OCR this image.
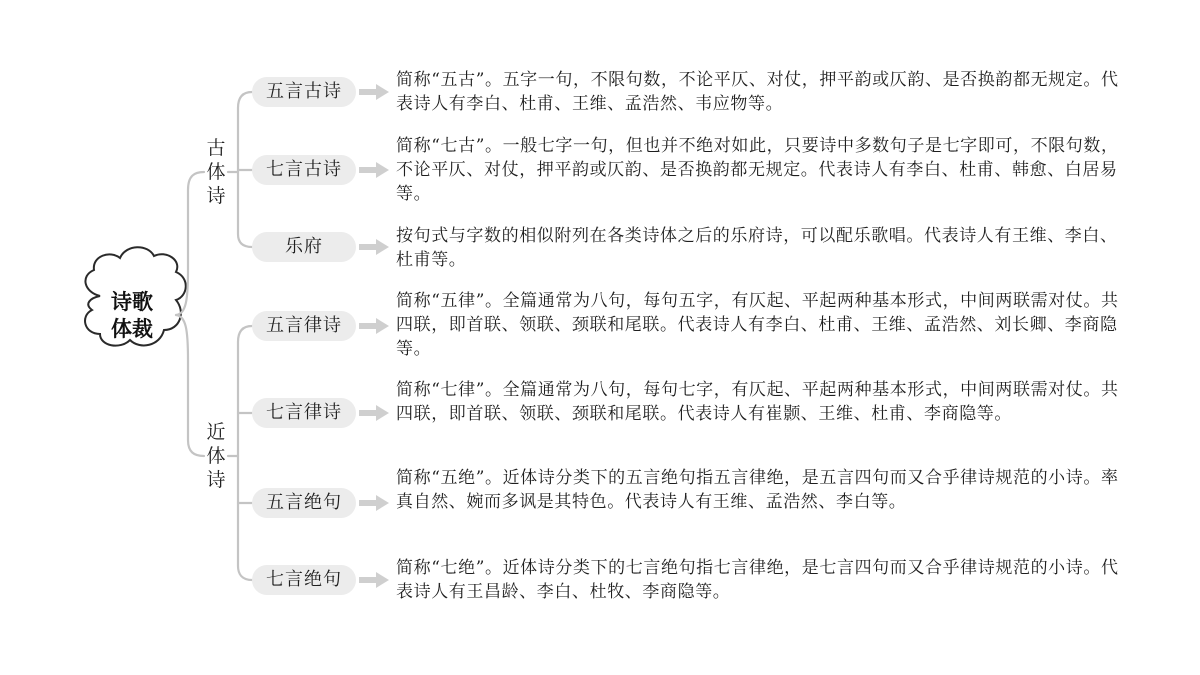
诗歌
体裁
古
体
诗
近
体
诗
五言古诗
简称“五古”。五字一句，不限句数，不论平仄、对仗，押平韵或仄韵、是否换韵都无规定。代表诗人有李白、杜甫、王维、孟浩然、韦应物等。
七言古诗
简称“七古”。一般七字一句，但也并不绝对如此，只要诗中多数句子是七字即可，不限句数，不论平仄、对仗，押平韵或仄韵、是否换韵都无规定。代表诗人有李白、杜甫、韩愈、白居易等。
乐府	按句式与字数的相似附列在各类诗体之后的乐府诗，可以配乐歌唱。代表诗人有王维、李白、杜甫等。
五言律诗
简称“五律”。全篇通常为八句，每句五字，有仄起、平起两种基本形式，中间两联需对仗。共四联，即首联、领联、颈联和尾联。代表诗人有李白、杜甫、王维、孟浩然、刘长卿、李商隐等。
七言律诗
简称“七律”。全篇通常为八句，每句七字，有仄起、平起两种基本形式，中间两联需对仗。共四联，即首联、领联、颈联和尾联。代表诗人有崔颢、王维、杜甫、李商隐等。
五言绝句
简称“五绝”。近体诗分类下的五言绝句指五言律绝，是五言四句而又合乎律诗规范的小诗。率真自然、婉而多讽是其特色。代表诗人有王维、孟浩然、李白等。
七言绝句
简称“七绝”。近体诗分类下的七言绝句指七言律绝，是七言四句而又合乎律诗规范的小诗。代表诗人有王昌龄、李白、杜牧、李商隐等。
